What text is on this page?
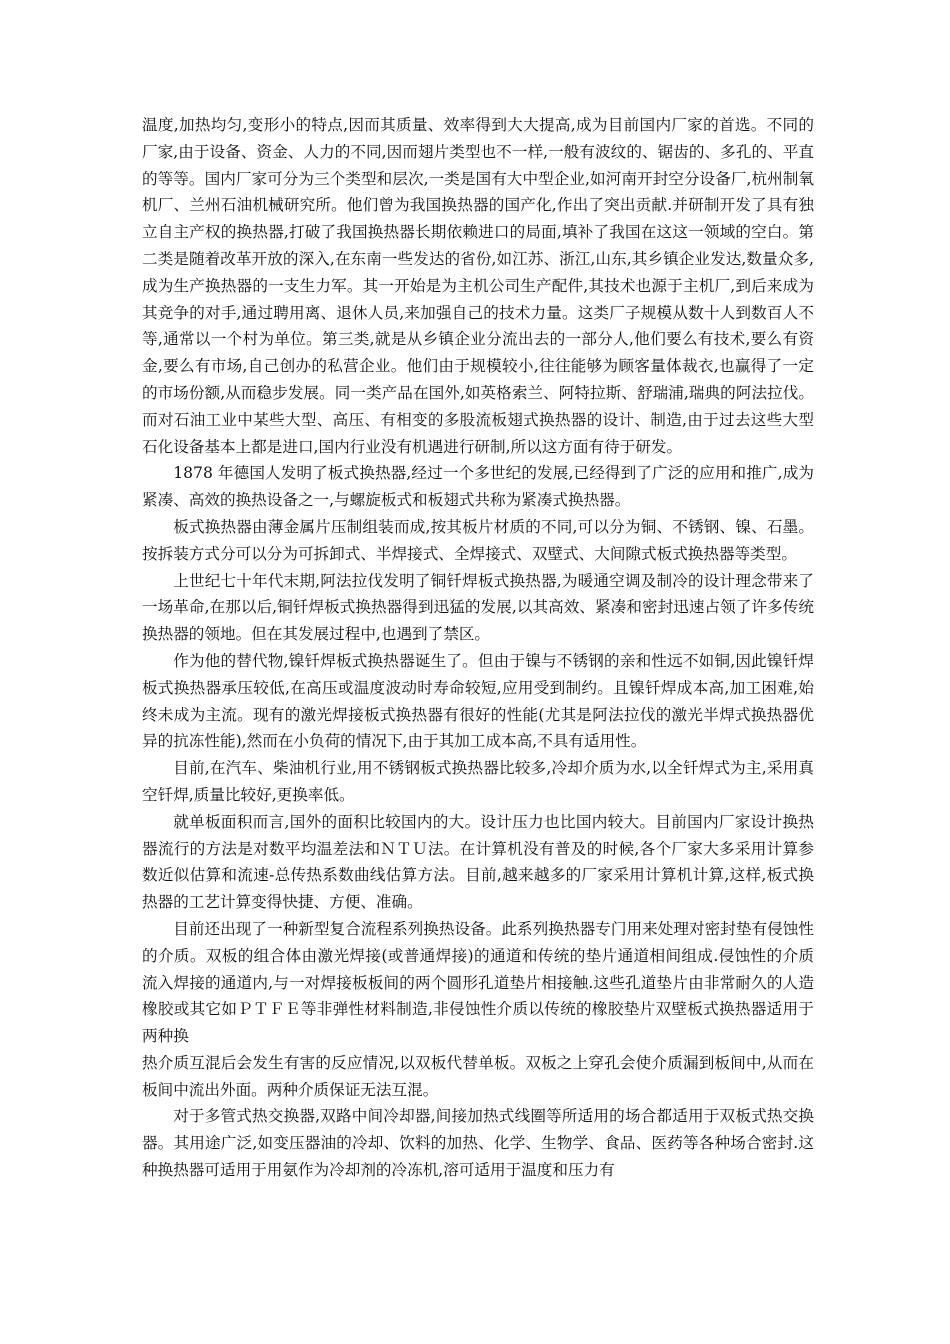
温度,加热均匀,变形小的特点,因而其质量、效率得到大大提高,成为目前国内厂家的首选。不同的厂家,由于设备、资金、人力的不同,因而翅片类型也不一样,一般有波纹的、锯齿的、多孔的、平直的等等。国内厂家可分为三个类型和层次,一类是国有大中型企业,如河南开封空分设备厂,杭州制氧机厂、兰州石油机械研究所。他们曾为我国换热器的国产化,作出了突出贡献.并研制开发了具有独立自主产权的换热器,打破了我国换热器长期依赖进口的局面,填补了我国在这这一领域的空白。第二类是随着改革开放的深入,在东南一些发达的省份,如江苏、浙江,山东,其乡镇企业发达,数量众多,成为生产换热器的一支生力军。其一开始是为主机公司生产配件,其技术也源于主机厂,到后来成为其竞争的对手,通过聘用离、退休人员,来加强自己的技术力量。这类厂子规模从数十人到数百人不等,通常以一个村为单位。第三类,就是从乡镇企业分流出去的一部分人,他们要么有技术,要么有资金,要么有市场,自己创办的私营企业。他们由于规模较小,往往能够为顾客量体裁衣,也赢得了一定的市场份额,从而稳步发展。同一类产品在国外,如英格索兰、阿特拉斯、舒瑞浦,瑞典的阿法拉伐。而对石油工业中某些大型、高压、有相变的多股流板翅式换热器的设计、制造,由于过去这些大型石化设备基本上都是进口,国内行业没有机遇进行研制,所以这方面有待于研发。

1878 年德国人发明了板式换热器,经过一个多世纪的发展,已经得到了广泛的应用和推广,成为紧凑、高效的换热设备之一,与螺旋板式和板翅式共称为紧凑式换热器。

板式换热器由薄金属片压制组装而成,按其板片材质的不同,可以分为铜、不锈钢、镍、石墨。按拆装方式分可以分为可拆卸式、半焊接式、全焊接式、双壁式、大间隙式板式换热器等类型。

上世纪七十年代末期,阿法拉伐发明了铜钎焊板式换热器,为暖通空调及制冷的设计理念带来了一场革命,在那以后,铜钎焊板式换热器得到迅猛的发展,以其高效、紧凑和密封迅速占领了许多传统换热器的领地。但在其发展过程中,也遇到了禁区。

作为他的替代物,镍钎焊板式换热器诞生了。但由于镍与不锈钢的亲和性远不如铜,因此镍钎焊板式换热器承压较低,在高压或温度波动时寿命较短,应用受到制约。且镍钎焊成本高,加工困难,始终未成为主流。现有的激光焊接板式换热器有很好的性能(尤其是阿法拉伐的激光半焊式换热器优异的抗冻性能),然而在小负荷的情况下,由于其加工成本高,不具有适用性。

目前,在汽车、柴油机行业,用不锈钢板式换热器比较多,冷却介质为水,以全钎焊式为主,采用真空钎焊,质量比较好,更换率低。

就单板面积而言,国外的面积比较国内的大。设计压力也比国内较大。目前国内厂家设计换热器流行的方法是对数平均温差法和ＮＴＵ法。在计算机没有普及的时候,各个厂家大多采用计算参数近似估算和流速-总传热系数曲线估算方法。目前,越来越多的厂家采用计算机计算,这样,板式换热器的工艺计算变得快捷、方便、准确。

目前还出现了一种新型复合流程系列换热设备。此系列换热器专门用来处理对密封垫有侵蚀性的介质。双板的组合体由激光焊接(或普通焊接)的通道和传统的垫片通道相间组成.侵蚀性的介质流入焊接的通道内,与一对焊接板板间的两个圆形孔道垫片相接触.这些孔道垫片由非常耐久的人造橡胶或其它如ＰＴＦＥ等非弹性材料制造,非侵蚀性介质以传统的橡胶垫片双壁板式换热器适用于两种换

热介质互混后会发生有害的反应情况,以双板代替单板。双板之上穿孔会使介质漏到板间中,从而在板间中流出外面。两种介质保证无法互混。

对于多管式热交换器,双路中间冷却器,间接加热式线圈等所适用的场合都适用于双板式热交换器。其用途广泛,如变压器油的冷却、饮料的加热、化学、生物学、食品、医药等各种场合密封.这种换热器可适用于用氨作为冷却剂的冷冻机,溶可适用于温度和压力有
